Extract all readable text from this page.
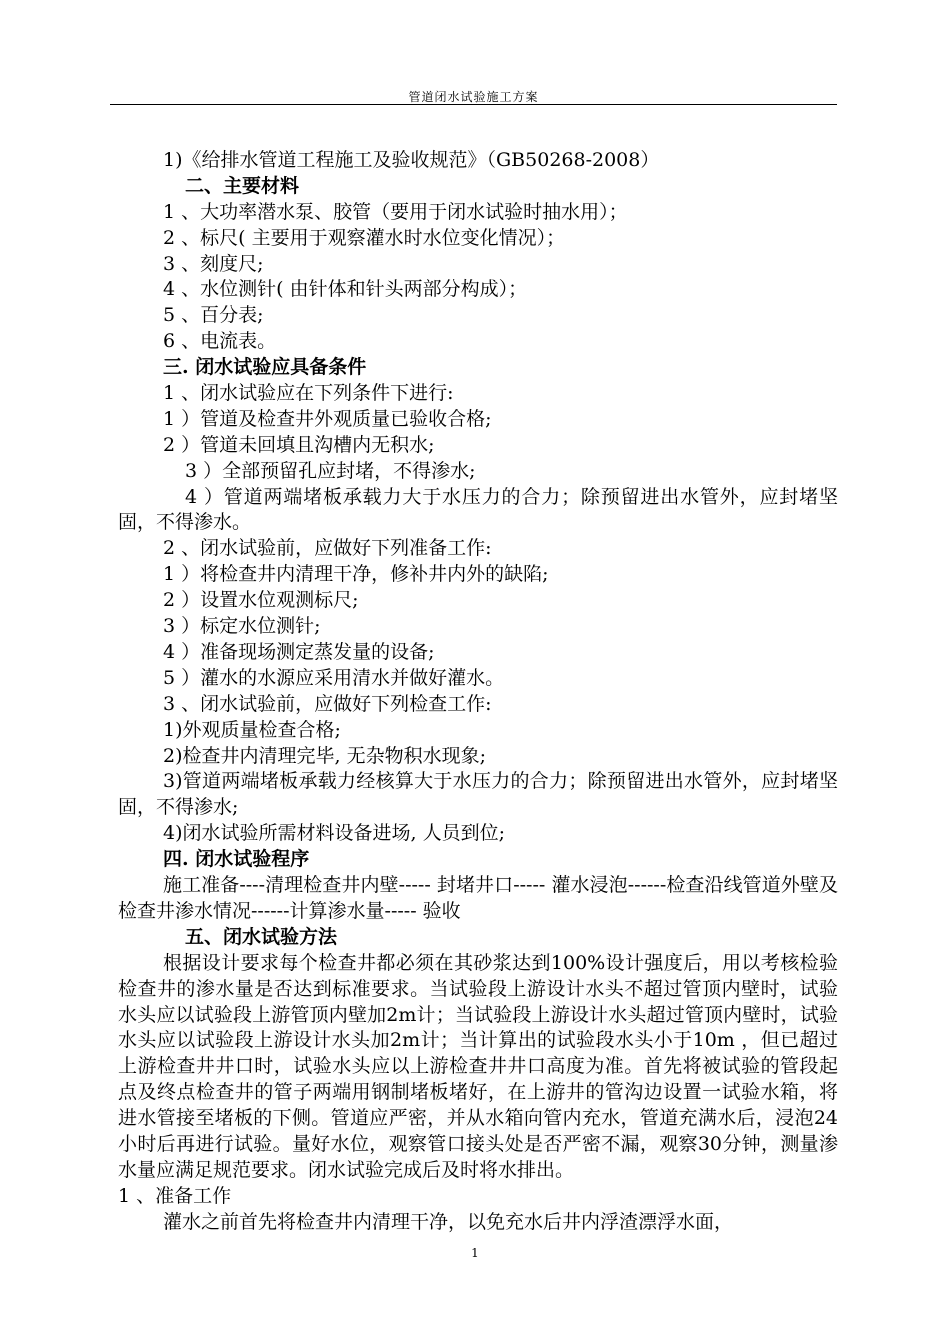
管道闭水试验施工方案
1)《给排水管道工程施工及验收规范》（GB50268-2008）
二、主要材料
1 、大功率潜水泵、胶管（要用于闭水试验时抽水用）；
2 、标尺( 主要用于观察灌水时水位变化情况）；
3 、刻度尺;
4 、水位测针( 由针体和针头两部分构成）；
5 、百分表;
6 、电流表。
三. 闭水试验应具备条件
1 、闭水试验应在下列条件下进行:
1 ）管道及检查井外观质量已验收合格;
2 ）管道未回填且沟槽内无积水;
3 ）全部预留孔应封堵，不得渗水;
4 ）管道两端堵板承载力大于水压力的合力；除预留进出水管外，应封堵坚固，不得渗水。
2 、闭水试验前，应做好下列准备工作:
1 ）将检查井内清理干净，修补井内外的缺陷;
2 ）设置水位观测标尺;
3 ）标定水位测针;
4 ）准备现场测定蒸发量的设备;
5 ）灌水的水源应采用清水并做好灌水。
3 、闭水试验前，应做好下列检查工作:
1)外观质量检查合格;
2)检查井内清理完毕, 无杂物积水现象;
3)管道两端堵板承载力经核算大于水压力的合力；除预留进出水管外，应封堵坚固，不得渗水;
4)闭水试验所需材料设备进场, 人员到位;
四. 闭水试验程序
施工准备----清理检查井内壁----- 封堵井口----- 灌水浸泡------检查沿线管道外壁及检查井渗水情况------计算渗水量----- 验收
五、闭水试验方法
根据设计要求每个检查井都必须在其砂浆达到100%设计强度后，用以考核检验检查井的渗水量是否达到标准要求。当试验段上游设计水头不超过管顶内壁时，试验水头应以试验段上游管顶内壁加2m计；当试验段上游设计水头超过管顶内壁时，试验水头应以试验段上游设计水头加2m计；当计算出的试验段水头小于10m ，但已超过上游检查井井口时，试验水头应以上游检查井井口高度为准。首先将被试验的管段起点及终点检查井的管子两端用钢制堵板堵好，在上游井的管沟边设置一试验水箱，将进水管接至堵板的下侧。管道应严密，并从水箱向管内充水，管道充满水后，浸泡24小时后再进行试验。量好水位，观察管口接头处是否严密不漏，观察30分钟，测量渗水量应满足规范要求。闭水试验完成后及时将水排出。
1 、准备工作
灌水之前首先将检查井内清理干净，以免充水后井内浮渣漂浮水面，
1
